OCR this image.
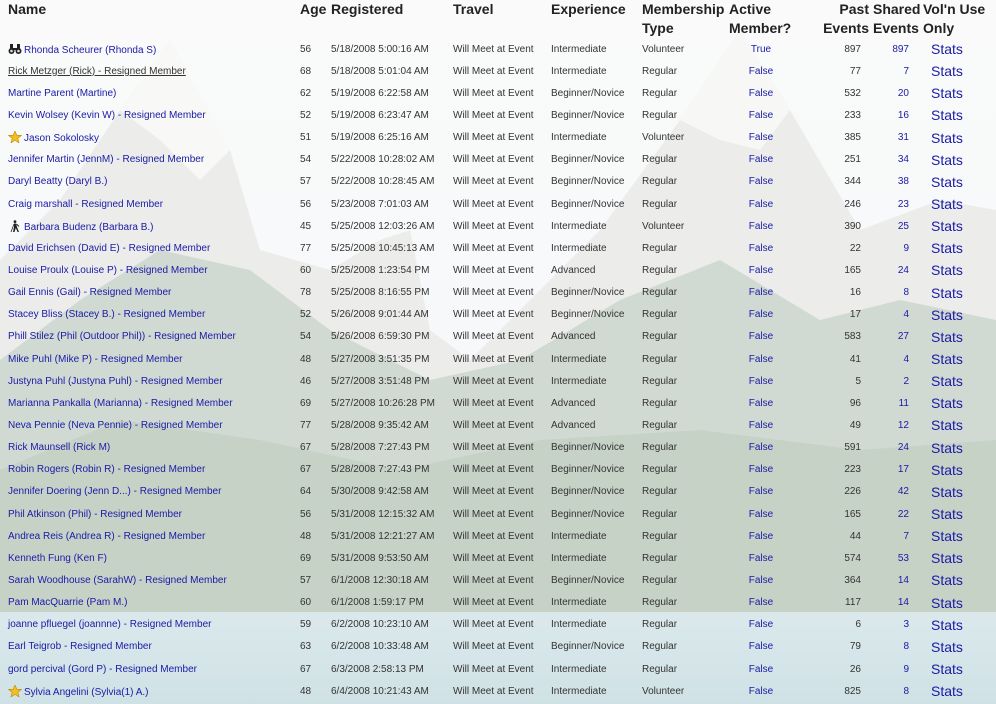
Name	Age	Registered	Travel	Experience	Membership Type	Active Member?	Past Events	Shared Events	Vol'n Use Only

Rhonda Scheurer (Rhonda S)	56	5/18/2008 5:00:16 AM	Will Meet at Event	Intermediate	Volunteer	True	897	897	Stats
Rick Metzger (Rick) - Resigned Member	68	5/18/2008 5:01:04 AM	Will Meet at Event	Intermediate	Regular	False	77	7	Stats
Martine Parent (Martine)	62	5/19/2008 6:22:58 AM	Will Meet at Event	Beginner/Novice	Regular	False	532	20	Stats
Kevin Wolsey (Kevin W) - Resigned Member	52	5/19/2008 6:23:47 AM	Will Meet at Event	Beginner/Novice	Regular	False	233	16	Stats
Jason Sokolosky	51	5/19/2008 6:25:16 AM	Will Meet at Event	Intermediate	Volunteer	False	385	31	Stats
Jennifer Martin (JennM) - Resigned Member	54	5/22/2008 10:28:02 AM	Will Meet at Event	Beginner/Novice	Regular	False	251	34	Stats
Daryl Beatty (Daryl B.)	57	5/22/2008 10:28:45 AM	Will Meet at Event	Beginner/Novice	Regular	False	344	38	Stats
Craig marshall - Resigned Member	56	5/23/2008 7:01:03 AM	Will Meet at Event	Beginner/Novice	Regular	False	246	23	Stats
Barbara Budenz (Barbara B.)	45	5/25/2008 12:03:26 AM	Will Meet at Event	Intermediate	Volunteer	False	390	25	Stats
David Erichsen (David E) - Resigned Member	77	5/25/2008 10:45:13 AM	Will Meet at Event	Intermediate	Regular	False	22	9	Stats
Louise Proulx (Louise P) - Resigned Member	60	5/25/2008 1:23:54 PM	Will Meet at Event	Advanced	Regular	False	165	24	Stats
Gail Ennis (Gail) - Resigned Member	78	5/25/2008 8:16:55 PM	Will Meet at Event	Beginner/Novice	Regular	False	16	8	Stats
Stacey Bliss (Stacey B.) - Resigned Member	52	5/26/2008 9:01:44 AM	Will Meet at Event	Beginner/Novice	Regular	False	17	4	Stats
Phill Stilez (Phil (Outdoor Phil)) - Resigned Member	54	5/26/2008 6:59:30 PM	Will Meet at Event	Advanced	Regular	False	583	27	Stats
Mike Puhl (Mike P) - Resigned Member	48	5/27/2008 3:51:35 PM	Will Meet at Event	Intermediate	Regular	False	41	4	Stats
Justyna Puhl (Justyna Puhl) - Resigned Member	46	5/27/2008 3:51:48 PM	Will Meet at Event	Intermediate	Regular	False	5	2	Stats
Marianna Pankalla (Marianna) - Resigned Member	69	5/27/2008 10:26:28 PM	Will Meet at Event	Advanced	Regular	False	96	11	Stats
Neva Pennie (Neva Pennie) - Resigned Member	77	5/28/2008 9:35:42 AM	Will Meet at Event	Advanced	Regular	False	49	12	Stats
Rick Maunsell (Rick M)	67	5/28/2008 7:27:43 PM	Will Meet at Event	Beginner/Novice	Regular	False	591	24	Stats
Robin Rogers (Robin R) - Resigned Member	67	5/28/2008 7:27:43 PM	Will Meet at Event	Beginner/Novice	Regular	False	223	17	Stats
Jennifer Doering (Jenn D...) - Resigned Member	64	5/30/2008 9:42:58 AM	Will Meet at Event	Beginner/Novice	Regular	False	226	42	Stats
Phil Atkinson (Phil) - Resigned Member	56	5/31/2008 12:15:32 AM	Will Meet at Event	Beginner/Novice	Regular	False	165	22	Stats
Andrea Reis (Andrea R) - Resigned Member	48	5/31/2008 12:21:27 AM	Will Meet at Event	Intermediate	Regular	False	44	7	Stats
Kenneth Fung (Ken F)	69	5/31/2008 9:53:50 AM	Will Meet at Event	Intermediate	Regular	False	574	53	Stats
Sarah Woodhouse (SarahW) - Resigned Member	57	6/1/2008 12:30:18 AM	Will Meet at Event	Beginner/Novice	Regular	False	364	14	Stats
Pam MacQuarrie (Pam M.)	60	6/1/2008 1:59:17 PM	Will Meet at Event	Intermediate	Regular	False	117	14	Stats
joanne pfluegel (joannne) - Resigned Member	59	6/2/2008 10:23:10 AM	Will Meet at Event	Intermediate	Regular	False	6	3	Stats
Earl Teigrob - Resigned Member	63	6/2/2008 10:33:48 AM	Will Meet at Event	Beginner/Novice	Regular	False	79	8	Stats
gord percival (Gord P) - Resigned Member	67	6/3/2008 2:58:13 PM	Will Meet at Event	Intermediate	Regular	False	26	9	Stats
Sylvia Angelini (Sylvia(1) A.)	48	6/4/2008 10:21:43 AM	Will Meet at Event	Intermediate	Volunteer	False	825	8	Stats
